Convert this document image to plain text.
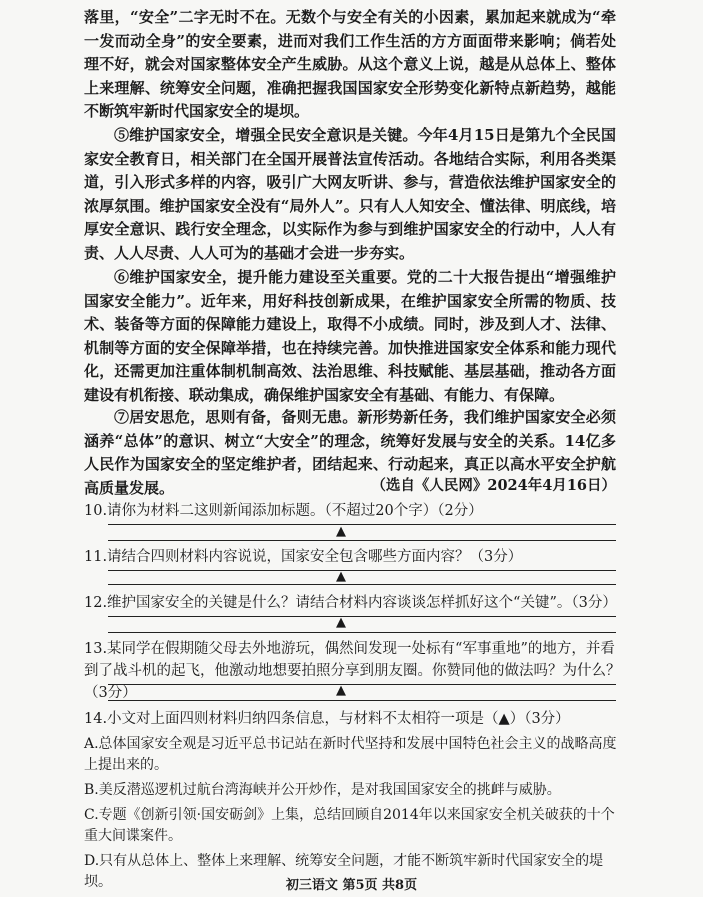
落里，“安全”二字无时不在。无数个与安全有关的小因素，累加起来就成为“牵一发而动全身”的安全要素，进而对我们工作生活的方方面面带来影响；倘若处理不好，就会对国家整体安全产生威胁。从这个意义上说，越是从总体上、整体上来理解、统筹安全问题，准确把握我国国家安全形势变化新特点新趋势，越能不断筑牢新时代国家安全的堤坝。

⑤维护国家安全，增强全民安全意识是关键。今年4月15日是第九个全民国家安全教育日，相关部门在全国开展普法宣传活动。各地结合实际，利用各类渠道，引入形式多样的内容，吸引广大网友听讲、参与，营造依法维护国家安全的浓厚氛围。维护国家安全没有“局外人”。只有人人知安全、懂法律、明底线，培厚安全意识、践行安全理念，以实际作为参与到维护国家安全的行动中，人人有责、人人尽责、人人可为的基础才会进一步夯实。

⑥维护国家安全，提升能力建设至关重要。党的二十大报告提出“增强维护国家安全能力”。近年来，用好科技创新成果，在维护国家安全所需的物质、技术、装备等方面的保障能力建设上，取得不小成绩。同时，涉及到人才、法律、机制等方面的安全保障举措，也在持续完善。加快推进国家安全体系和能力现代化，还需更加注重体制机制高效、法治思维、科技赋能、基层基础，推动各方面建设有机衔接、联动集成，确保维护国家安全有基础、有能力、有保障。

⑦居安思危，思则有备，备则无患。新形势新任务，我们维护国家安全必须涵养“总体”的意识、树立“大安全”的理念，统筹好发展与安全的关系。14亿多人民作为国家安全的坚定维护者，团结起来、行动起来，真正以高水平安全护航高质量发展。	（选自《人民网》2024年4月16日）

10.请你为材料二这则新闻添加标题。（不超过20个字）（2分）

▲

11.请结合四则材料内容说说，国家安全包含哪些方面内容？（3分）

▲

12.维护国家安全的关键是什么？请结合材料内容谈谈怎样抓好这个“关键”。（3分）

▲

13.某同学在假期随父母去外地游玩，偶然间发现一处标有“军事重地”的地方，并看到了战斗机的起飞，他激动地想要拍照分享到朋友圈。你赞同他的做法吗？为什么？（3分）	▲

14.小文对上面四则材料归纳四条信息，与材料不太相符一项是（▲）（3分）

A.总体国家安全观是习近平总书记站在新时代坚持和发展中国特色社会主义的战略高度上提出来的。

B.美反潜巡逻机过航台湾海峡并公开炒作，是对我国国家安全的挑衅与威胁。

C.专题《创新引领·国安砺剑》上集，总结回顾自2014年以来国家安全机关破获的十个重大间谍案件。

D.只有从总体上、整体上来理解、统筹安全问题，才能不断筑牢新时代国家安全的堤坝。	初三语文 第5页 共8页
